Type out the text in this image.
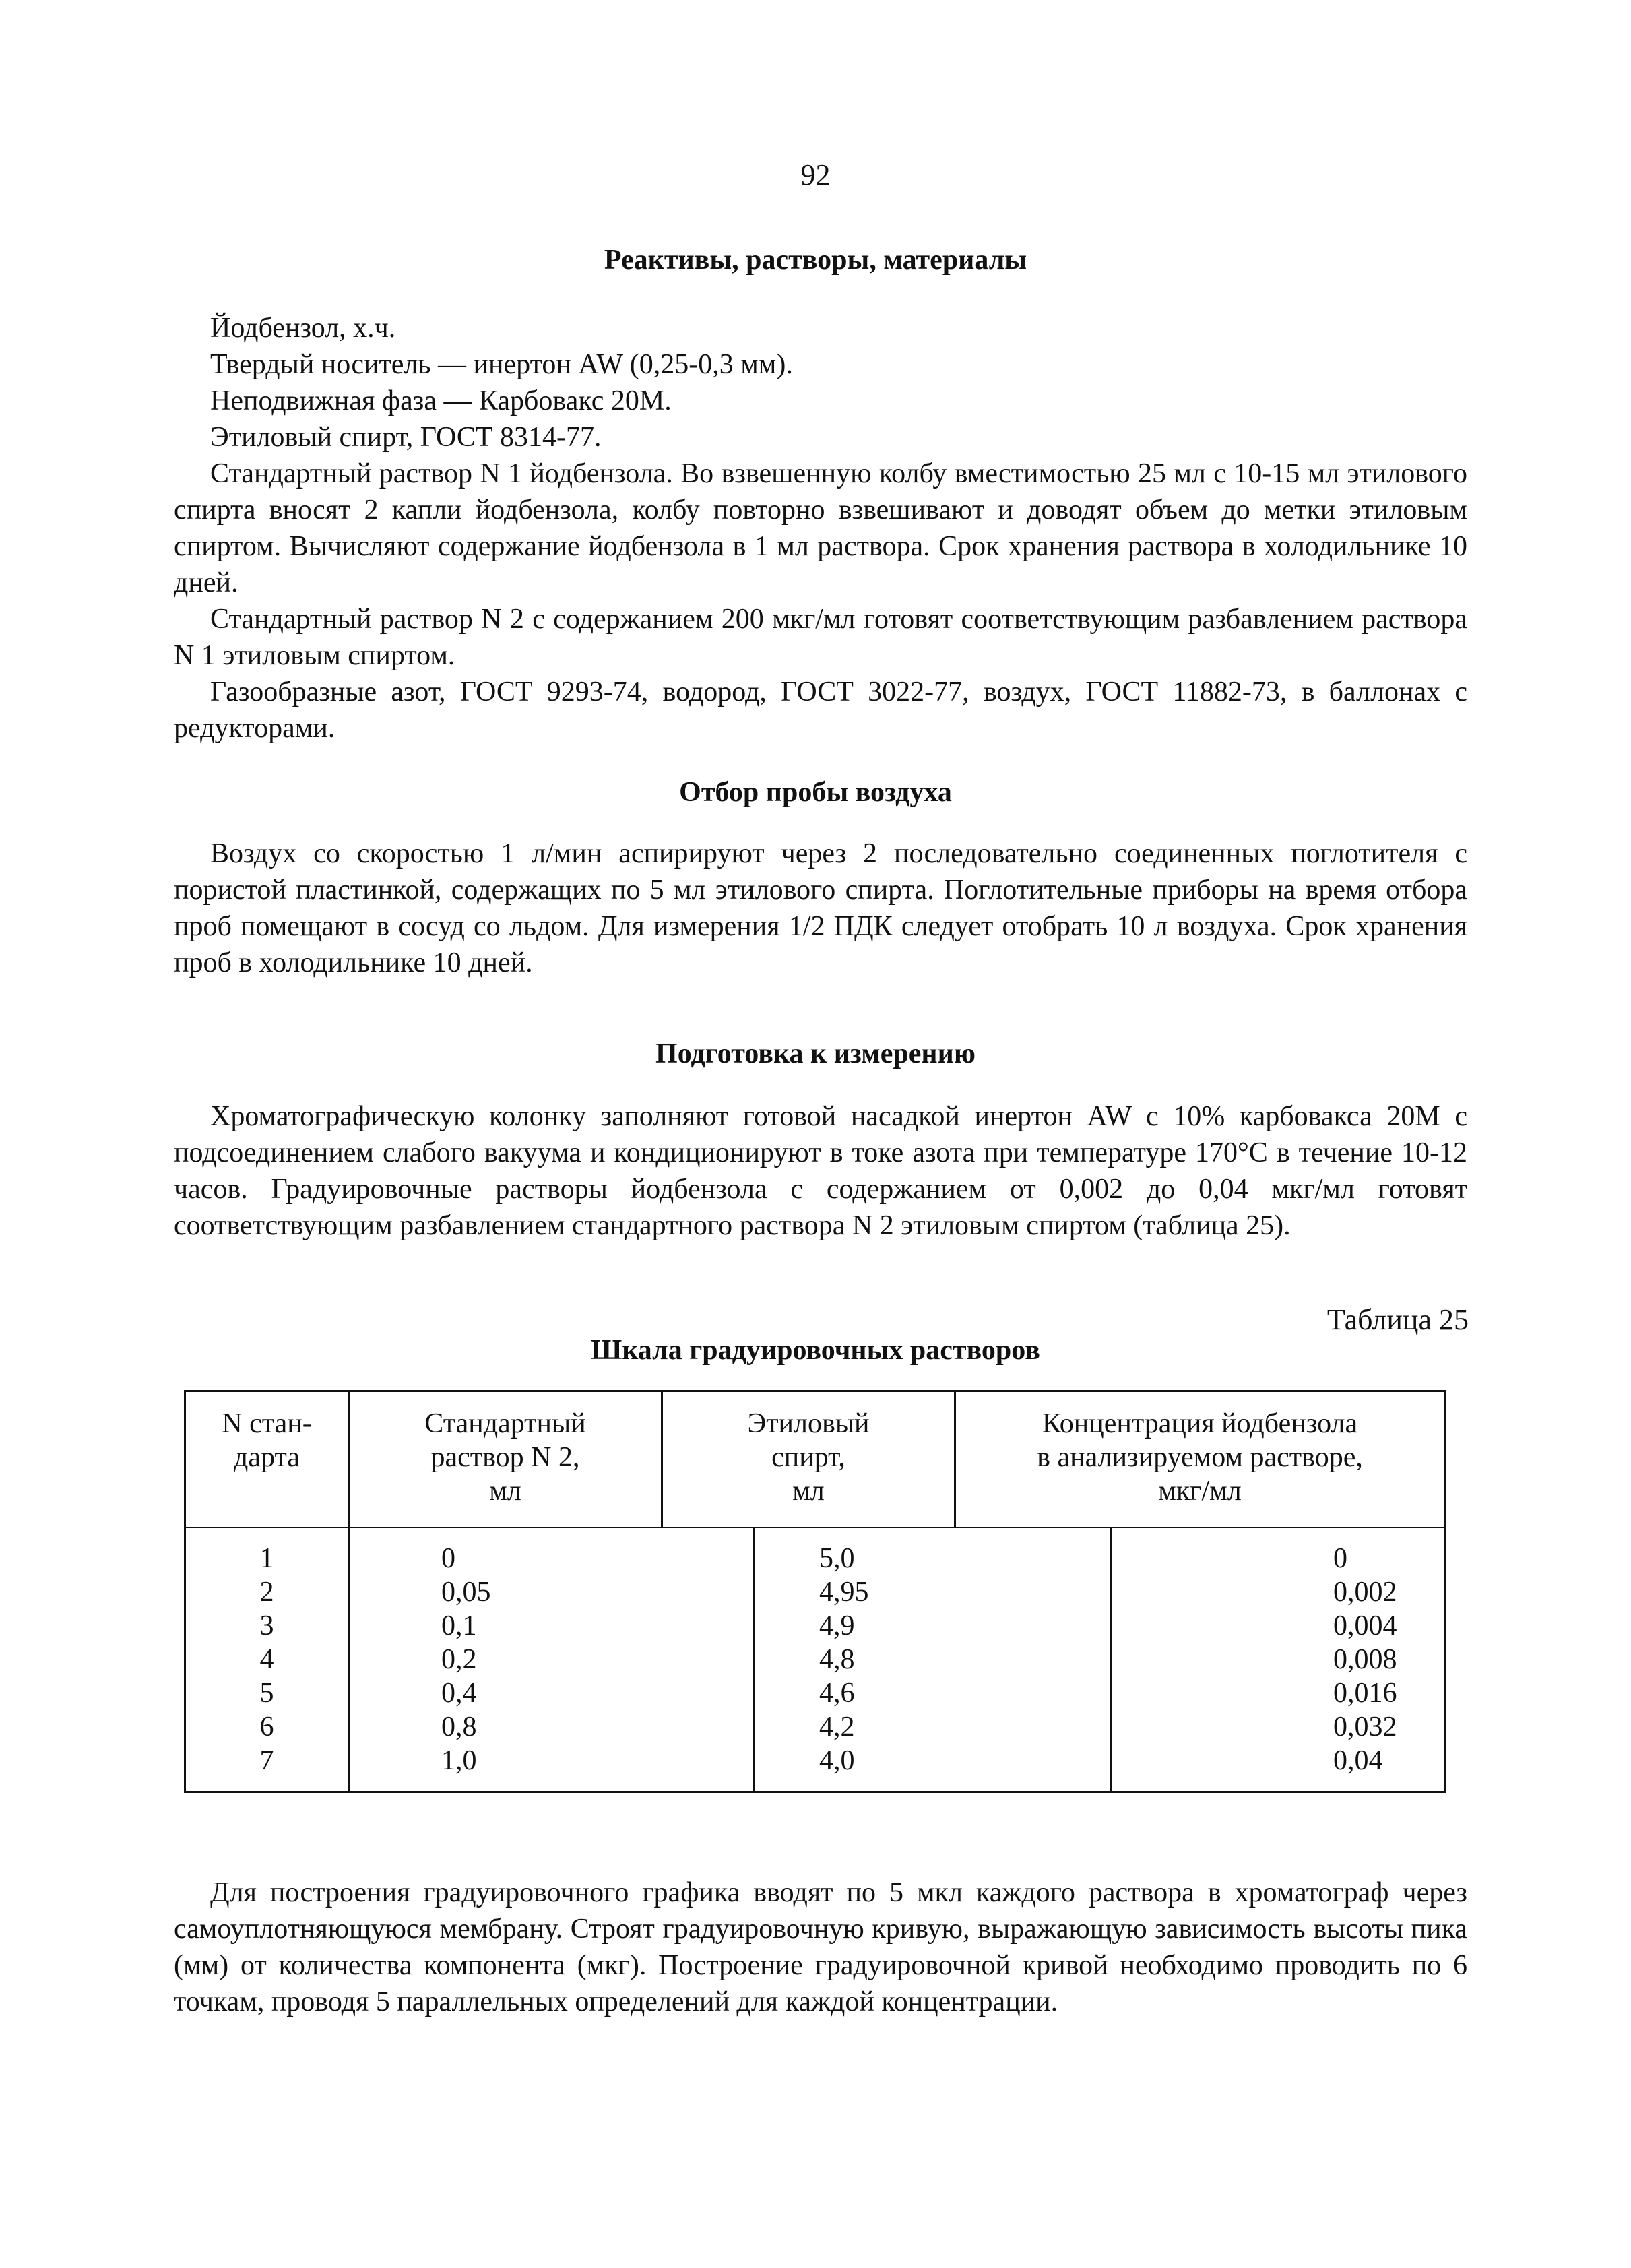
92
Реактивы, растворы, материалы

Йодбензол, х.ч.

Твердый носитель — инертон AW (0,25-0,3 мм).

Неподвижная фаза — Карбовакс 20М.

Этиловый спирт, ГОСТ 8314-77.

Стандартный раствор N 1 йодбензола. Во взвешенную колбу вместимостью 25 мл с 10-15 мл этилового спирта вносят 2 капли йодбензола, колбу повторно взвешивают и доводят объем до метки этиловым спиртом. Вычисляют содержание йодбензола в 1 мл раствора. Срок хранения раствора в холодильнике 10 дней.

Стандартный раствор N 2 с содержанием 200 мкг/мл готовят соответствующим разбавлением раствора N 1 этиловым спиртом.

Газообразные азот, ГОСТ 9293-74, водород, ГОСТ 3022-77, воздух, ГОСТ 11882-73, в баллонах с редукторами.

Отбор пробы воздуха

Воздух со скоростью 1 л/мин аспирируют через 2 последовательно соединенных поглотителя с пористой пластинкой, содержащих по 5 мл этилового спирта. Поглотительные приборы на время отбора проб помещают в сосуд со льдом. Для измерения 1/2 ПДК следует отобрать 10 л воздуха. Срок хранения проб в холодильнике 10 дней.

Подготовка к измерению

Хроматографическую колонку заполняют готовой насадкой инертон AW с 10% карбовакса 20М с подсоединением слабого вакуума и кондиционируют в токе азота при температуре 170°С в течение 10-12 часов. Градуировочные растворы йодбензола с содержанием от 0,002 до 0,04 мкг/мл готовят соответствующим разбавлением стандартного раствора N 2 этиловым спиртом (таблица 25).

Таблица 25
Шкала градуировочных растворов
N стан-
дарта

Стандартный
раствор N 2,
мл

Этиловый
спирт,
мл

Концентрация йодбензола
в анализируемом растворе,
мкг/мл
1	0	5,0	0
2	0,05	4,95	0,002
3	0,1	4,9	0,004
4	0,2	4,8	0,008
5	0,4	4,6	0,016
6	0,8	4,2	0,032
7	1,0	4,0	0,04

Для построения градуировочного графика вводят по 5 мкл каждого раствора в хроматограф через самоуплотняющуюся мембрану. Строят градуировочную кривую, выражающую зависимость высоты пика (мм) от количества компонента (мкг). Построение градуировочной кривой необходимо проводить по 6 точкам, проводя 5 параллельных определений для каждой концентрации.
